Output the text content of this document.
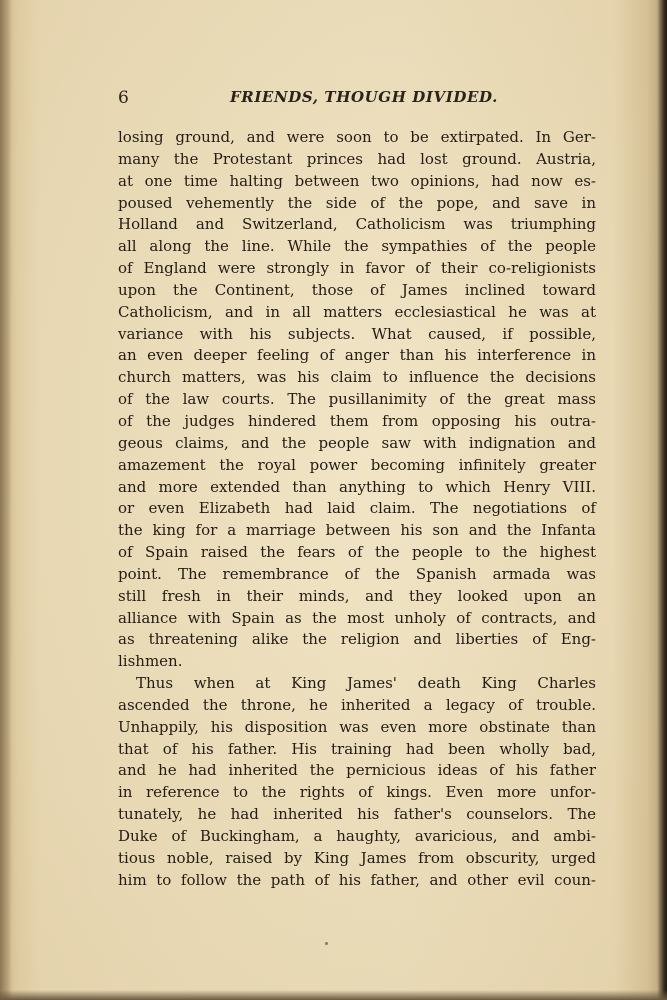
6	FRIENDS, THOUGH DIVIDED.
losing ground, and were soon to be extirpated. In Ger-
many the Protestant princes had lost ground. Austria,
at one time halting between two opinions, had now es-
poused vehemently the side of the pope, and save in
Holland and Switzerland, Catholicism was triumphing
all along the line. While the sympathies of the people
of England were strongly in favor of their co-religionists
upon the Continent, those of James inclined toward
Catholicism, and in all matters ecclesiastical he was at
variance with his subjects. What caused, if possible,
an even deeper feeling of anger than his interference in
church matters, was his claim to influence the decisions
of the law courts. The pusillanimity of the great mass
of the judges hindered them from opposing his outra-
geous claims, and the people saw with indignation and
amazement the royal power becoming infinitely greater
and more extended than anything to which Henry VIII.
or even Elizabeth had laid claim. The negotiations of
the king for a marriage between his son and the Infanta
of Spain raised the fears of the people to the highest
point. The remembrance of the Spanish armada was
still fresh in their minds, and they looked upon an
alliance with Spain as the most unholy of contracts, and
as threatening alike the religion and liberties of Eng-
lishmen.
Thus when at King James' death King Charles
ascended the throne, he inherited a legacy of trouble.
Unhappily, his disposition was even more obstinate than
that of his father. His training had been wholly bad,
and he had inherited the pernicious ideas of his father
in reference to the rights of kings. Even more unfor-
tunately, he had inherited his father's counselors. The
Duke of Buckingham, a haughty, avaricious, and ambi-
tious noble, raised by King James from obscurity, urged
him to follow the path of his father, and other evil coun-
